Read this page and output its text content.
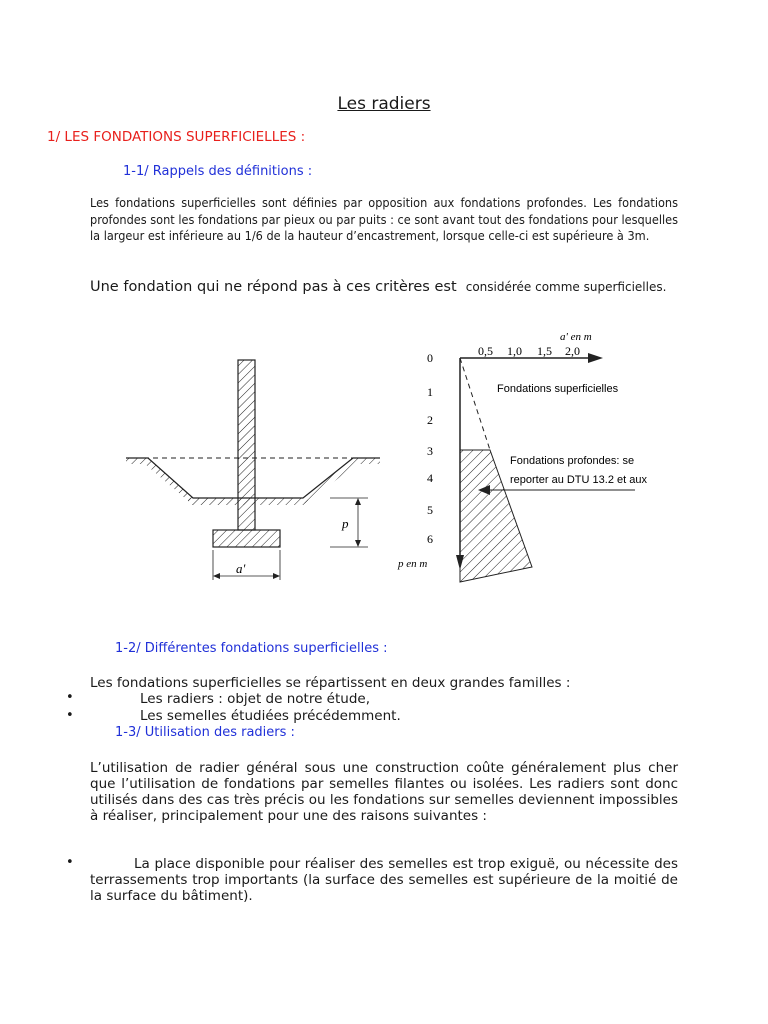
Les radiers
1/ LES FONDATIONS SUPERFICIELLES :
1-1/ Rappels des définitions :
Les fondations superficielles sont définies par opposition aux fondations profondes. Les fondations profondes sont les fondations par pieux ou par puits : ce sont avant tout des fondations pour lesquelles la largeur est inférieure au 1/6 de la hauteur d’encastrement, lorsque celle-ci est supérieure à 3m.
Une fondation qui ne répond pas à ces critères est considérée comme superficielles.
a'
p
a' en m
0,5 1,0 1,5 2,0
0
1
2
3
4
5
6
p en m
Fondations superficielles
Fondations profondes: se
reporter au DTU 13.2 et aux
1-2/ Différentes fondations superficielles :
Les fondations superficielles se répartissent en deux grandes familles :
•	Les radiers : objet de notre étude,
•	Les semelles étudiées précédemment.
1-3/ Utilisation des radiers :
L’utilisation de radier général sous une construction coûte généralement plus cher que l’utilisation de fondations par semelles filantes ou isolées. Les radiers sont donc utilisés dans des cas très précis ou les fondations sur semelles deviennent impossibles à réaliser, principalement pour une des raisons suivantes :
•	La place disponible pour réaliser des semelles est trop exiguë, ou nécessite des terrassements trop importants (la surface des semelles est supérieure de la moitié de la surface du bâtiment).
